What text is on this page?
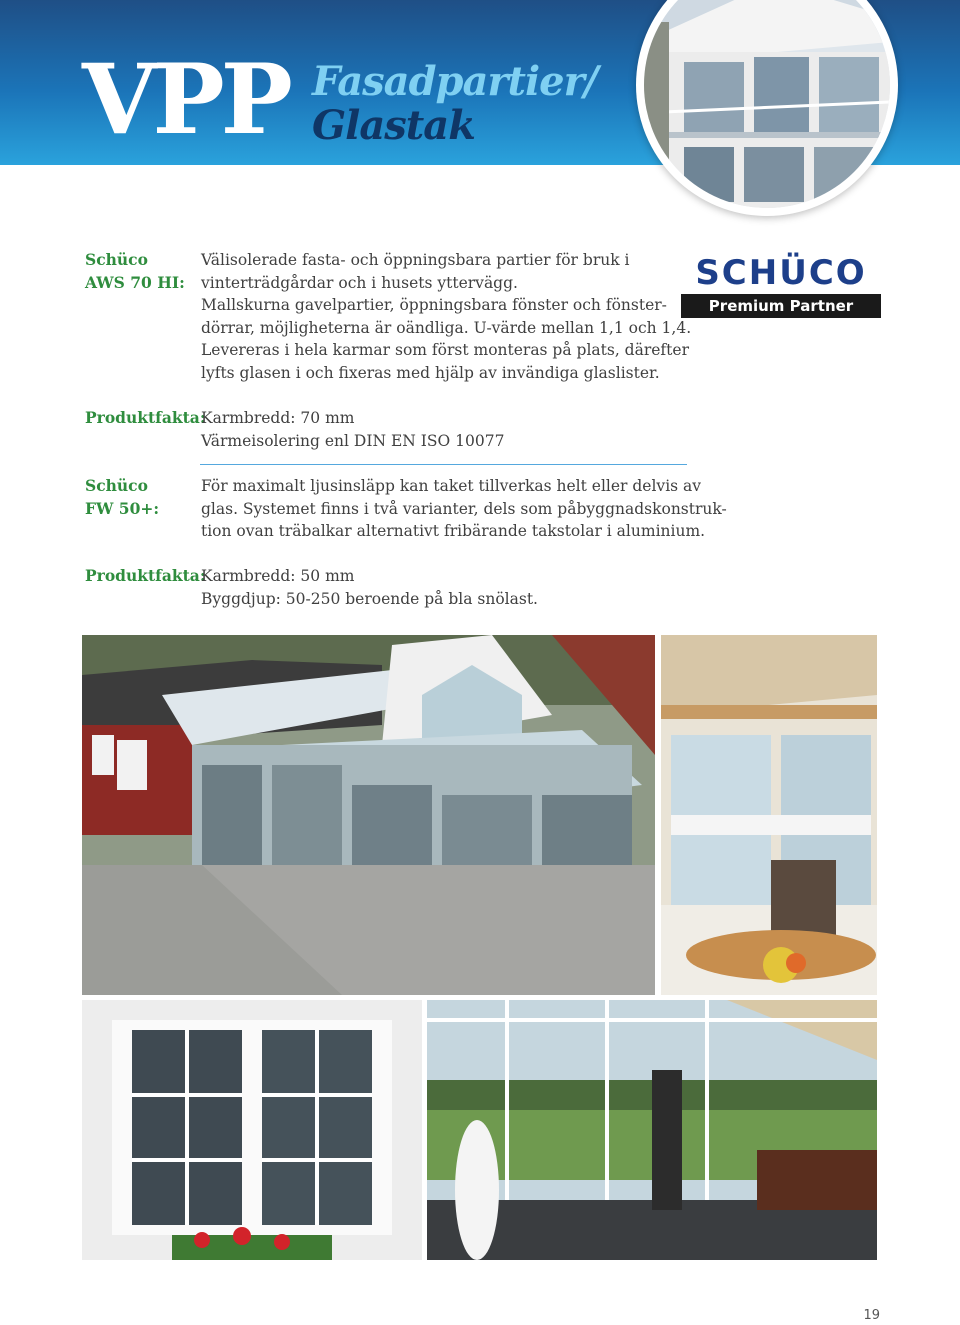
VPP Fasadpartier/
Glastak
SCHÜCO
Premium Partner
Schüco
AWS 70 HI:
Välisolerade fasta- och öppningsbara partier för bruk i
vinterträdgårdar och i husets yttervägg.
Mallskurna gavelpartier, öppningsbara fönster och fönster-
dörrar, möjligheterna är oändliga. U-värde mellan 1,1 och 1,4.
Levereras i hela karmar som först monteras på plats, därefter
lyfts glasen i och fixeras med hjälp av invändiga glaslister.
Produktfakta:
Karmbredd: 70 mm
Värmeisolering enl DIN EN ISO 10077
Schüco
FW 50+:
För maximalt ljusinsläpp kan taket tillverkas helt eller delvis av
glas. Systemet finns i två varianter, dels som påbyggnadskonstruk-
tion ovan träbalkar alternativt fribärande takstolar i aluminium.
Produktfakta:
Karmbredd: 50 mm
Byggdjup: 50-250 beroende på bla snölast.
19
